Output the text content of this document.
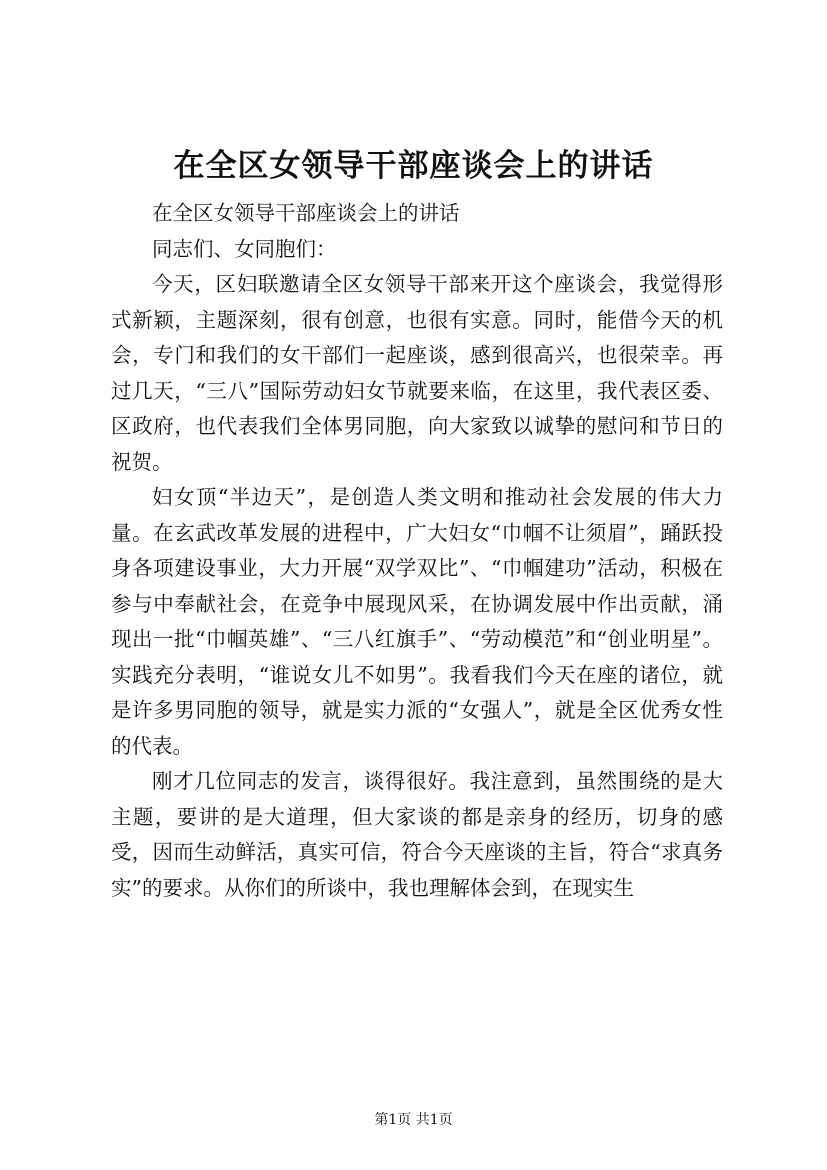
在全区女领导干部座谈会上的讲话

在全区女领导干部座谈会上的讲话

同志们、女同胞们：

今天，区妇联邀请全区女领导干部来开这个座谈会，我觉得形式新颖，主题深刻，很有创意，也很有实意。同时，能借今天的机会，专门和我们的女干部们一起座谈，感到很高兴，也很荣幸。再过几天，“三八”国际劳动妇女节就要来临，在这里，我代表区委、区政府，也代表我们全体男同胞，向大家致以诚挚的慰问和节日的祝贺。

妇女顶“半边天”，是创造人类文明和推动社会发展的伟大力量。在玄武改革发展的进程中，广大妇女“巾帼不让须眉”，踊跃投身各项建设事业，大力开展“双学双比”、“巾帼建功”活动，积极在参与中奉献社会，在竞争中展现风采，在协调发展中作出贡献，涌现出一批“巾帼英雄”、“三八红旗手”、“劳动模范”和“创业明星”。实践充分表明，“谁说女儿不如男”。我看我们今天在座的诸位，就是许多男同胞的领导，就是实力派的“女强人”，就是全区优秀女性的代表。

刚才几位同志的发言，谈得很好。我注意到，虽然围绕的是大主题，要讲的是大道理，但大家谈的都是亲身的经历，切身的感受，因而生动鲜活，真实可信，符合今天座谈的主旨，符合“求真务实”的要求。从你们的所谈中，我也理解体会到，在现实生

第1页 共1页
